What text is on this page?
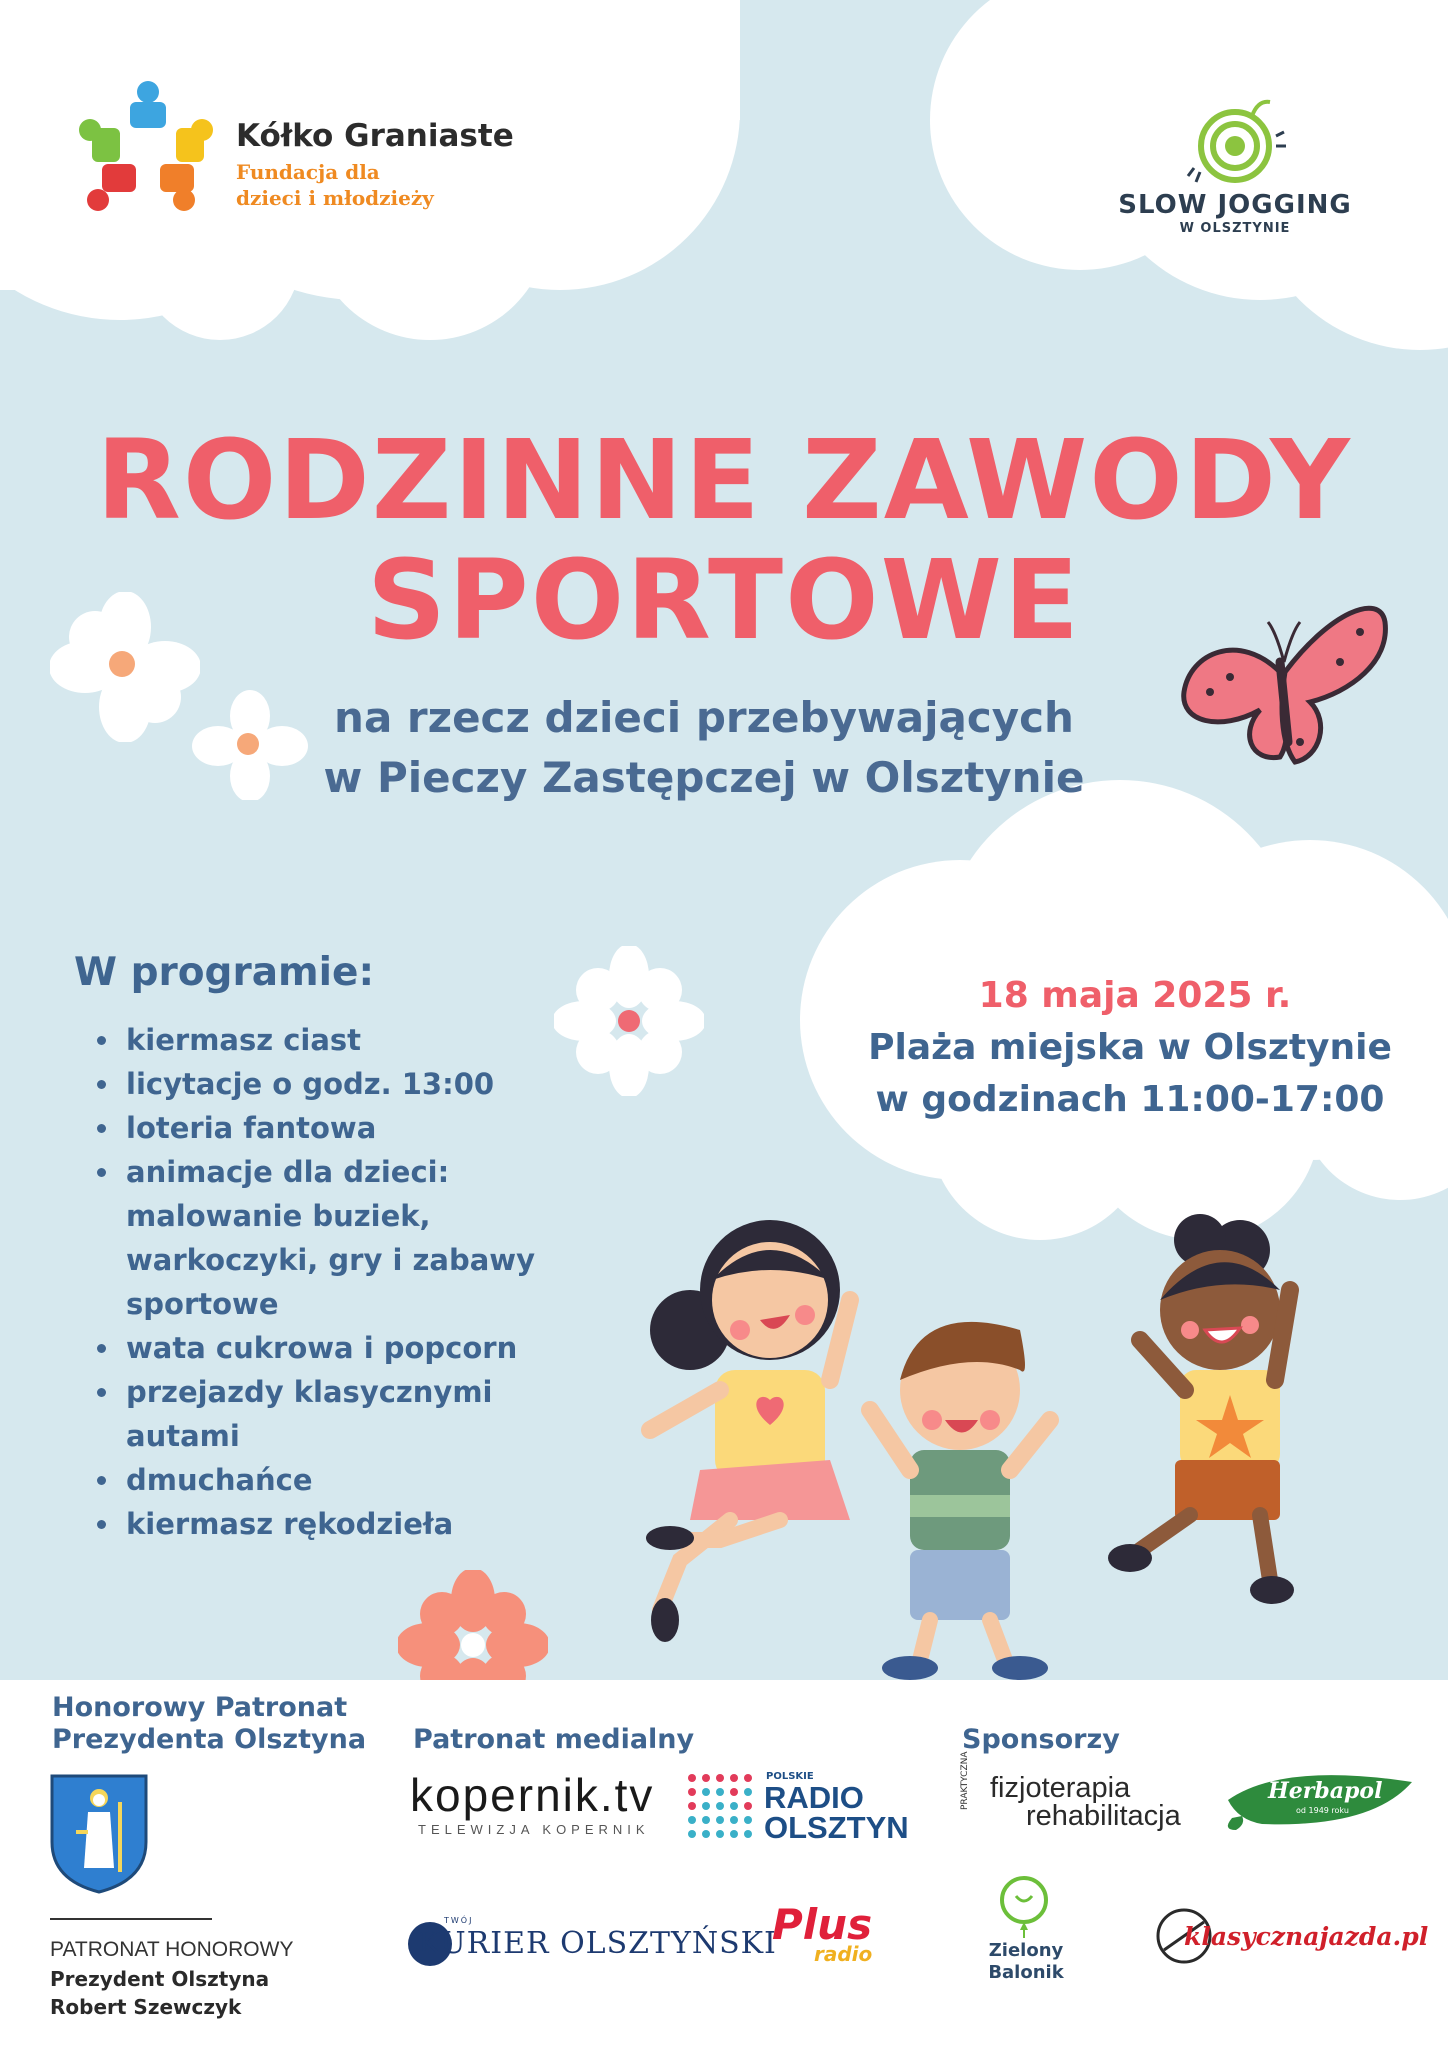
Kółko Graniaste
Fundacja dla
dzieci i młodzieży	SLOW JOGGING
W OLSZTYNIE
RODZINNE ZAWODY
SPORTOWE
na rzecz dzieci przebywających
w Pieczy Zastępczej w Olsztynie
W programie:
• kiermasz ciast
• licytacje o godz. 13:00
• loteria fantowa
• animacje dla dzieci: malowanie buziek, warkoczyki, gry i zabawy sportowe
• wata cukrowa i popcorn
• przejazdy klasycznymi autami
• dmuchańce
• kiermasz rękodzieła
18 maja 2025 r.
Plaża miejska w Olsztynie
w godzinach 11:00-17:00
Honorowy Patronat
Prezydenta Olsztyna Patronat medialny	Sponsorzy
PATRONAT HONOROWY
Prezydent Olsztyna
Robert Szewczyk
kopernik.tv
TELEWIZJA KOPERNIK
POLSKIE
RADIO
OLSZTYN
PRAKTYCZNA fizjoterapia
rehabilitacja
Herbapol
od 1949 roku
TWÓJ
KURIER OLSZTYŃSKI
Plus
radio	Zielony
Balonik
klasycznajazda.pl
